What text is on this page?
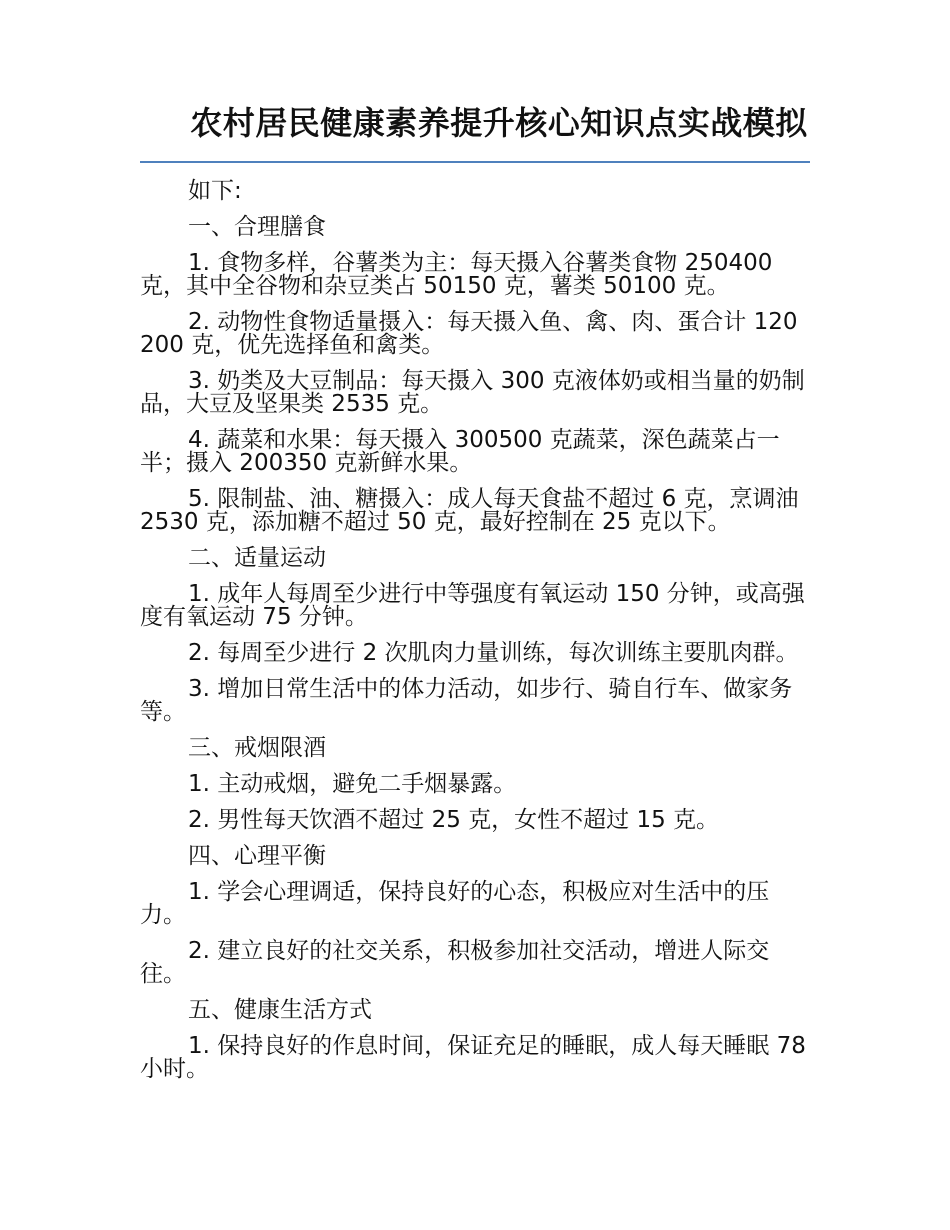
农村居民健康素养提升核心知识点实战模拟

如下:

一、合理膳食

1. 食物多样，谷薯类为主：每天摄入谷薯类食物 250400 克，其中全谷物和杂豆类占 50150 克，薯类 50100 克。

2. 动物性食物适量摄入：每天摄入鱼、禽、肉、蛋合计 120200 克，优先选择鱼和禽类。

3. 奶类及大豆制品：每天摄入 300 克液体奶或相当量的奶制品，大豆及坚果类 2535 克。

4. 蔬菜和水果：每天摄入 300500 克蔬菜，深色蔬菜占一半；摄入 200350 克新鲜水果。

5. 限制盐、油、糖摄入：成人每天食盐不超过 6 克，烹调油 2530 克，添加糖不超过 50 克，最好控制在 25 克以下。

二、适量运动

1. 成年人每周至少进行中等强度有氧运动 150 分钟，或高强度有氧运动 75 分钟。

2. 每周至少进行 2 次肌肉力量训练，每次训练主要肌肉群。

3. 增加日常生活中的体力活动，如步行、骑自行车、做家务等。

三、戒烟限酒

1. 主动戒烟，避免二手烟暴露。

2. 男性每天饮酒不超过 25 克，女性不超过 15 克。

四、心理平衡

1. 学会心理调适，保持良好的心态，积极应对生活中的压力。

2. 建立良好的社交关系，积极参加社交活动，增进人际交往。

五、健康生活方式

1. 保持良好的作息时间，保证充足的睡眠，成人每天睡眠 78 小时。
